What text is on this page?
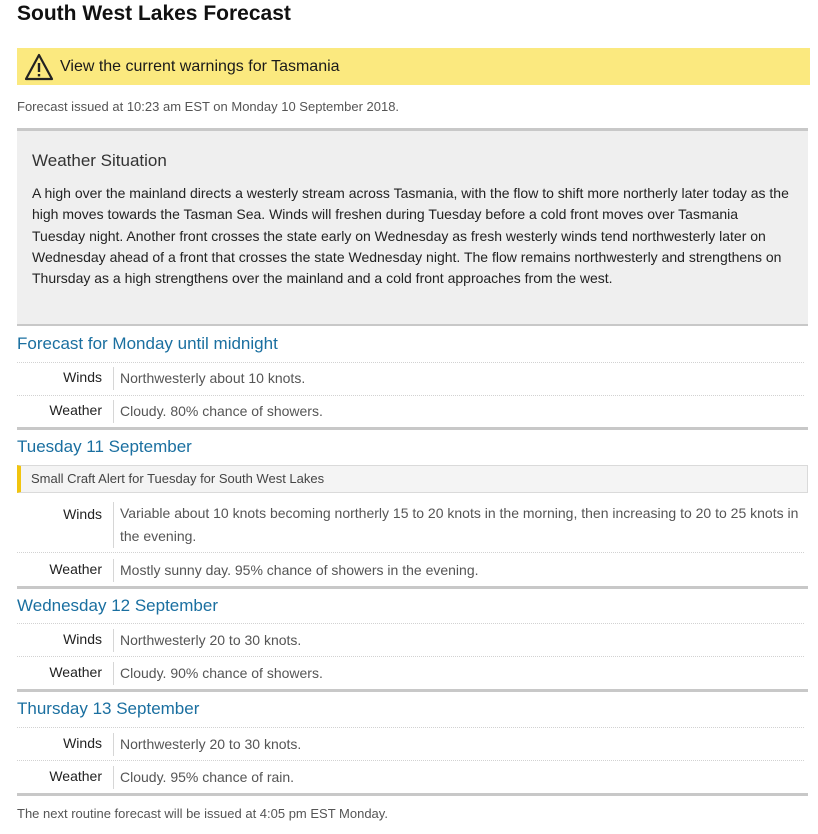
South West Lakes Forecast
View the current warnings for Tasmania
Forecast issued at 10:23 am EST on Monday 10 September 2018.
Weather Situation

A high over the mainland directs a westerly stream across Tasmania, with the flow to shift more northerly later today as the high moves towards the Tasman Sea. Winds will freshen during Tuesday before a cold front moves over Tasmania Tuesday night. Another front crosses the state early on Wednesday as fresh westerly winds tend northwesterly later on Wednesday ahead of a front that crosses the state Wednesday night. The flow remains northwesterly and strengthens on Thursday as a high strengthens over the mainland and a cold front approaches from the west.

Forecast for Monday until midnight
Winds	Northwesterly about 10 knots.
Weather	Cloudy. 80% chance of showers.
Tuesday 11 September
Small Craft Alert for Tuesday for South West Lakes
Winds	Variable about 10 knots becoming northerly 15 to 20 knots in the morning, then increasing to 20 to 25 knots in the evening.
Weather	Mostly sunny day. 95% chance of showers in the evening.
Wednesday 12 September
Winds	Northwesterly 20 to 30 knots.
Weather	Cloudy. 90% chance of showers.
Thursday 13 September
Winds	Northwesterly 20 to 30 knots.
Weather	Cloudy. 95% chance of rain.
The next routine forecast will be issued at 4:05 pm EST Monday.
